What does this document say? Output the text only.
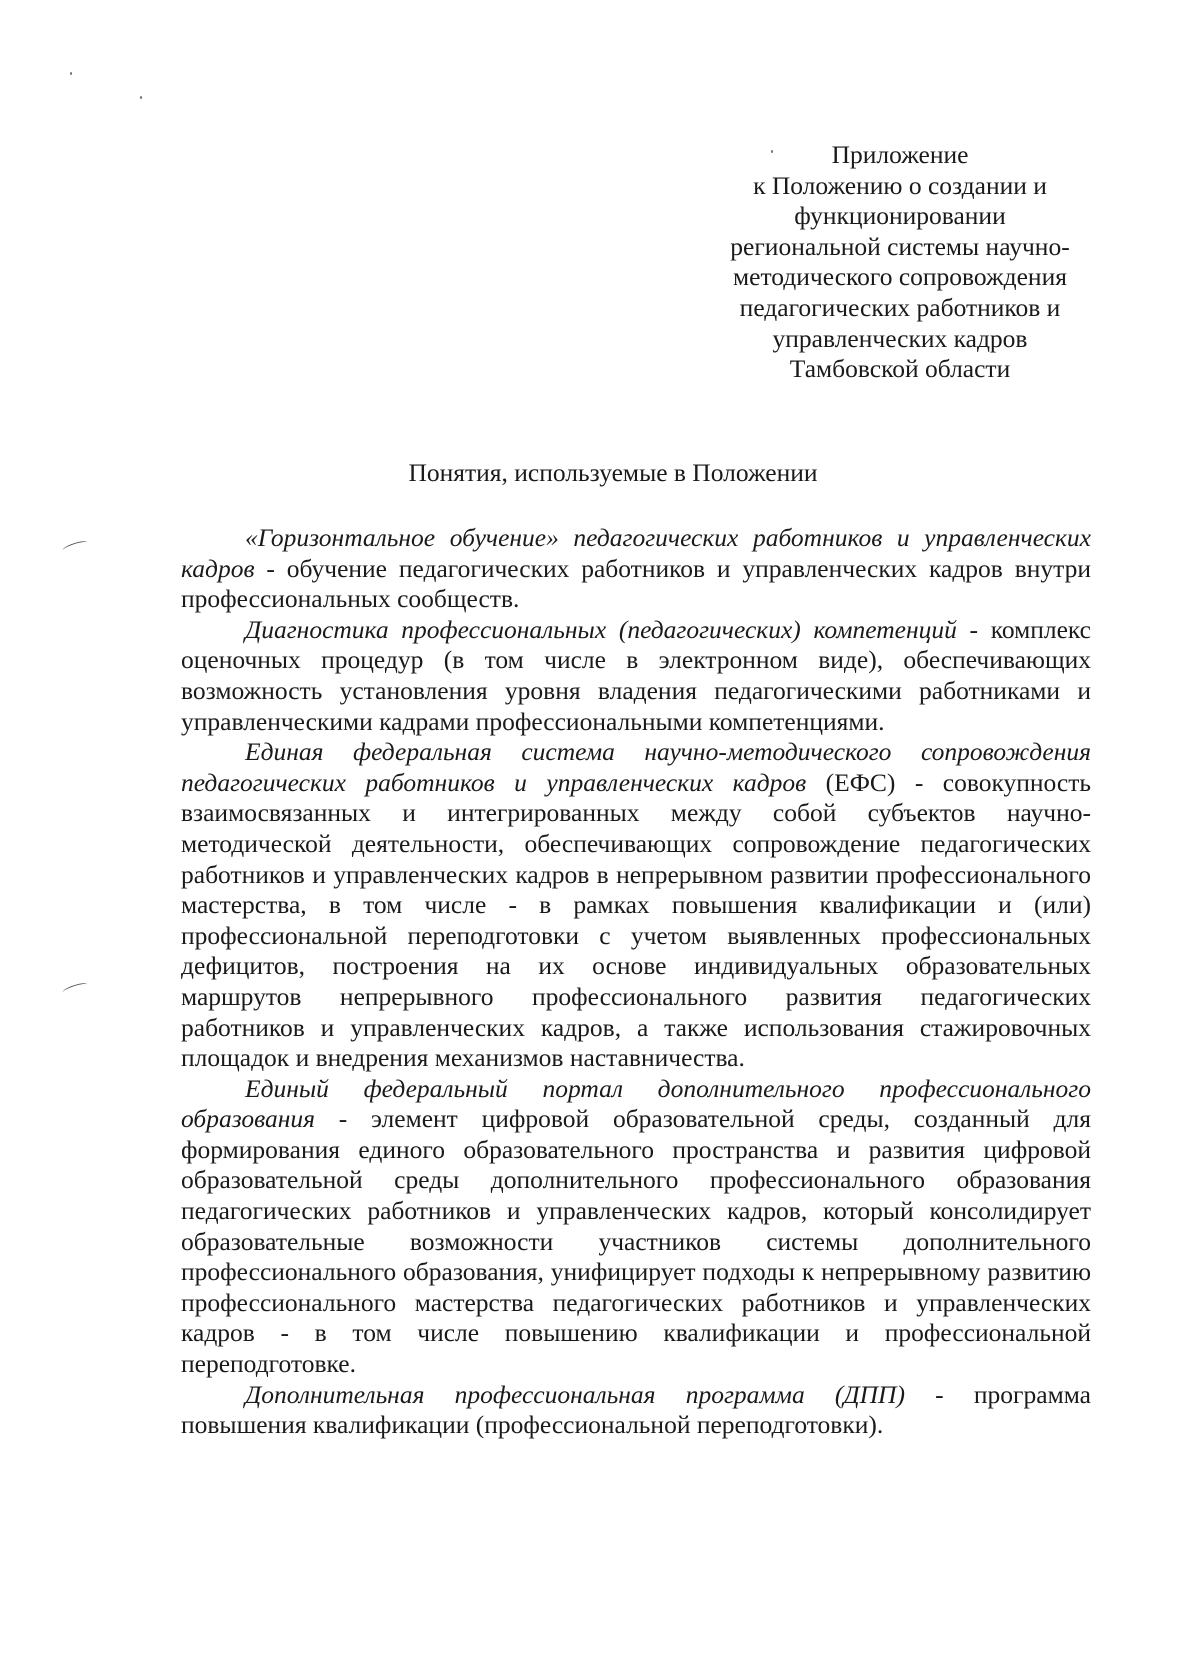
Приложение
к Положению о создании и
функционировании
региональной системы научно-
методического сопровождения
педагогических работников и
управленческих кадров
Тамбовской области
Понятия, используемые в Положении

«Горизонтальное обучение» педагогических работников и управленческих кадров - обучение педагогических работников и управленческих кадров внутри профессиональных сообществ.

Диагностика профессиональных (педагогических) компетенций - комплекс оценочных процедур (в том числе в электронном виде), обеспечивающих возможность установления уровня владения педагогическими работниками и управленческими кадрами профессиональными компетенциями.

Единая федеральная система научно-методического сопровождения педагогических работников и управленческих кадров (ЕФС) - совокупность взаимосвязанных и интегрированных между собой субъектов научно-методической деятельности, обеспечивающих сопровождение педагогических работников и управленческих кадров в непрерывном развитии профессионального мастерства, в том числе - в рамках повышения квалификации и (или) профессиональной переподготовки с учетом выявленных профессиональных дефицитов, построения на их основе индивидуальных образовательных маршрутов непрерывного профессионального развития педагогических работников и управленческих кадров, а также использования стажировочных площадок и внедрения механизмов наставничества.

Единый федеральный портал дополнительного профессионального образования - элемент цифровой образовательной среды, созданный для формирования единого образовательного пространства и развития цифровой образовательной среды дополнительного профессионального образования педагогических работников и управленческих кадров, который консолидирует образовательные возможности участников системы дополнительного профессионального образования, унифицирует подходы к непрерывному развитию профессионального мастерства педагогических работников и управленческих кадров - в том числе повышению квалификации и профессиональной переподготовке.

Дополнительная профессиональная программа (ДПП) - программа повышения квалификации (профессиональной переподготовки).
